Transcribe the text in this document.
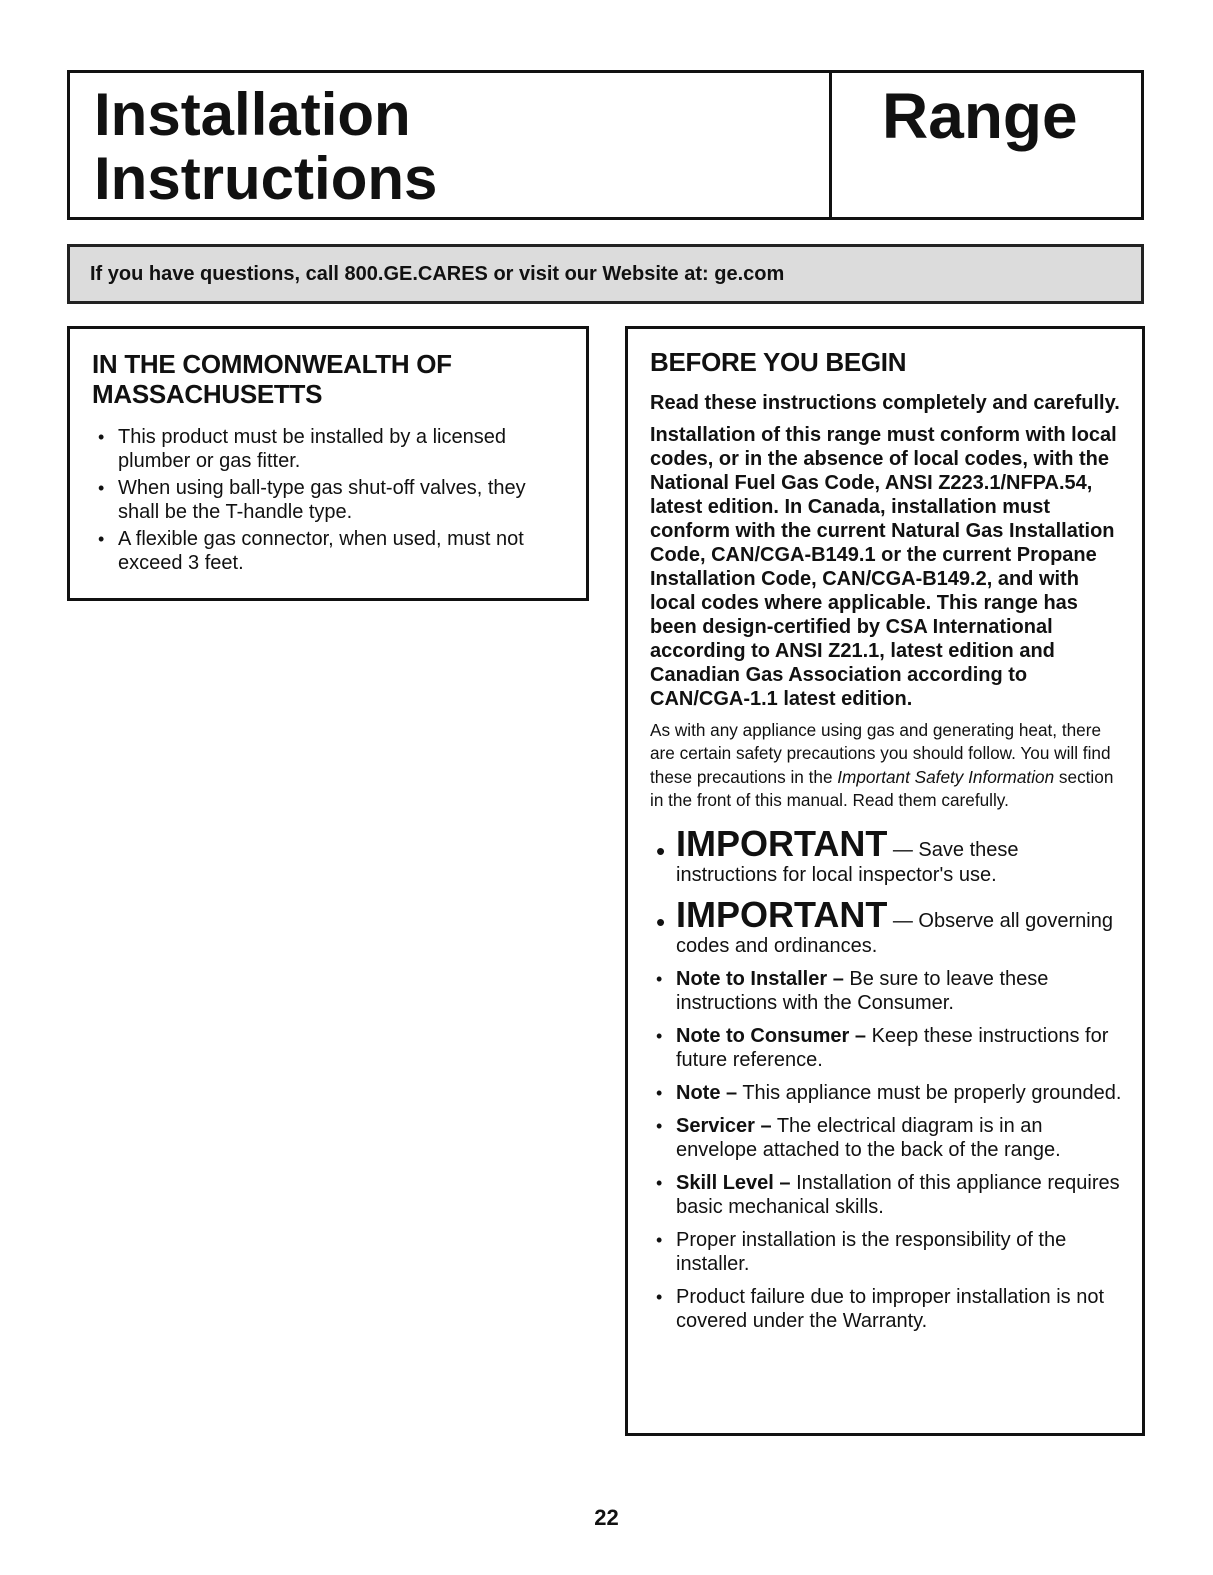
Installation
Instructions
Range
If you have questions, call 800.GE.CARES or visit our Website at: ge.com
IN THE COMMONWEALTH OF
MASSACHUSETTS
• This product must be installed by a licensed plumber or gas fitter.
• When using ball-type gas shut-off valves, they shall be the T-handle type.
• A flexible gas connector, when used, must not exceed 3 feet.
BEFORE YOU BEGIN

Read these instructions completely and carefully.

Installation of this range must conform with local codes, or in the absence of local codes, with the National Fuel Gas Code, ANSI Z223.1/NFPA.54, latest edition. In Canada, installation must conform with the current Natural Gas Installation Code, CAN/CGA-B149.1 or the current Propane Installation Code, CAN/CGA-B149.2, and with local codes where applicable. This range has been design-certified by CSA International according to ANSI Z21.1, latest edition and Canadian Gas Association according to CAN/CGA-1.1 latest edition.

As with any appliance using gas and generating heat, there are certain safety precautions you should follow. You will find these precautions in the Important Safety Information section in the front of this manual. Read them carefully.

• IMPORTANT — Save these instructions for local inspector's use.
• IMPORTANT — Observe all governing codes and ordinances.
• Note to Installer – Be sure to leave these instructions with the Consumer.
• Note to Consumer – Keep these instructions for future reference.
• Note – This appliance must be properly grounded.
• Servicer – The electrical diagram is in an envelope attached to the back of the range.
• Skill Level – Installation of this appliance requires basic mechanical skills.
• Proper installation is the responsibility of the installer.
• Product failure due to improper installation is not covered under the Warranty.
22
